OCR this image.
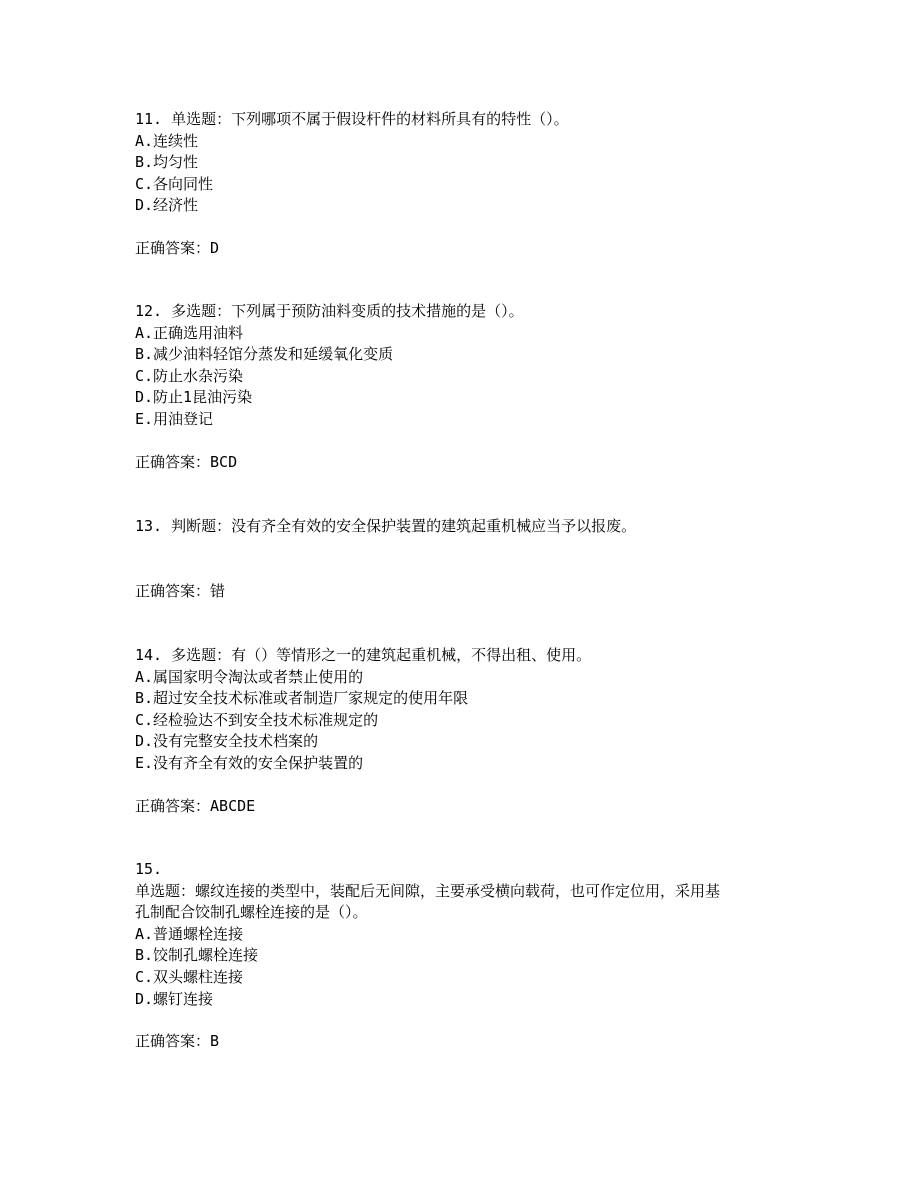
11. 单选题：下列哪项不属于假设杆件的材料所具有的特性（）。
A.连续性
B.均匀性
C.各向同性
D.经济性
正确答案：D
12. 多选题：下列属于预防油料变质的技术措施的是（）。
A.正确选用油料
B.减少油料轻馆分蒸发和延缓氧化变质
C.防止水杂污染
D.防止1昆油污染
E.用油登记
正确答案：BCD
13. 判断题：没有齐全有效的安全保护装置的建筑起重机械应当予以报废。
正确答案：错
14. 多选题：有（）等情形之一的建筑起重机械，不得出租、使用。
A.属国家明令淘汰或者禁止使用的
B.超过安全技术标准或者制造厂家规定的使用年限
C.经检验达不到安全技术标准规定的
D.没有完整安全技术档案的
E.没有齐全有效的安全保护装置的
正确答案：ABCDE
15.
单选题：螺纹连接的类型中，装配后无间隙，主要承受横向载荷，也可作定位用，采用基
孔制配合饺制孔螺栓连接的是（）。
A.普通螺栓连接
B.饺制孔螺栓连接
C.双头螺柱连接
D.螺钉连接
正确答案：B
